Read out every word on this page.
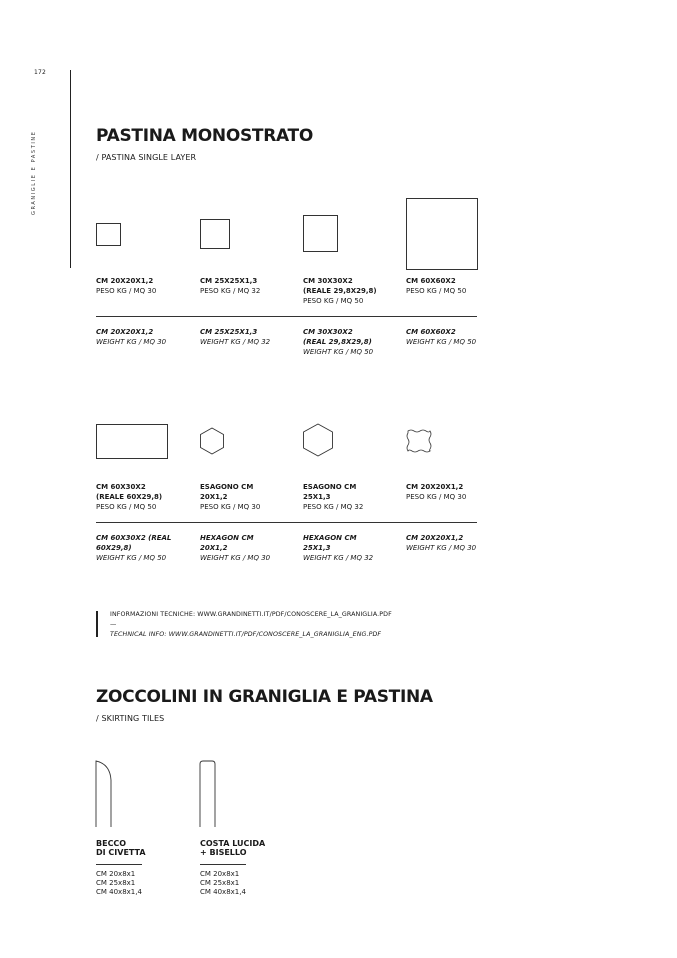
172
GRANIGLIE E PASTINE	PASTINA MONOSTRATO
/ PASTINA SINGLE LAYER
CM 20X20X1,2
PESO KG / MQ 30
CM 25X25X1,3
PESO KG / MQ 32
CM 30X30X2
(REALE 29,8X29,8)
PESO KG / MQ 50
CM 60X60X2
PESO KG / MQ 50
CM 20X20X1,2
WEIGHT KG / MQ 30
CM 25X25X1,3
WEIGHT KG / MQ 32
CM 30X30X2
(REAL 29,8X29,8)
WEIGHT KG / MQ 50
CM 60X60X2
WEIGHT KG / MQ 50
CM 60X30X2
(REALE 60X29,8)
PESO KG / MQ 50
ESAGONO CM
20X1,2
PESO KG / MQ 30
ESAGONO CM
25X1,3
PESO KG / MQ 32
CM 20X20X1,2
PESO KG / MQ 30
CM 60X30X2 (REAL
60X29,8)
WEIGHT KG / MQ 50
HEXAGON CM
20X1,2
WEIGHT KG / MQ 30
HEXAGON CM
25X1,3
WEIGHT KG / MQ 32
CM 20X20X1,2
WEIGHT KG / MQ 30
INFORMAZIONI TECNICHE: WWW.GRANDINETTI.IT/PDF/CONOSCERE_LA_GRANIGLIA.PDF
—
TECHNICAL INFO: WWW.GRANDINETTI.IT/PDF/CONOSCERE_LA_GRANIGLIA_ENG.PDF
ZOCCOLINI IN GRANIGLIA E PASTINA
/ SKIRTING TILES
BECCO
DI CIVETTA
CM 20x8x1
CM 25x8x1
CM 40x8x1,4
COSTA LUCIDA
+ BISELLO
CM 20x8x1
CM 25x8x1
CM 40x8x1,4
